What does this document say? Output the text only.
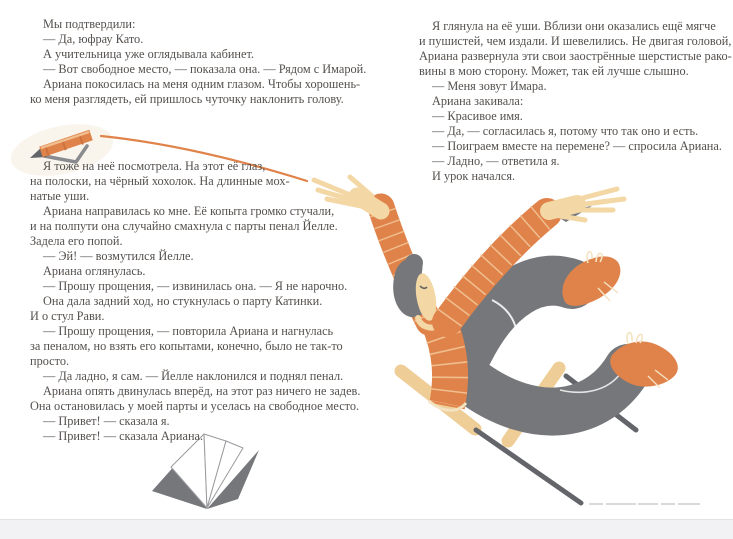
Мы подтвердили:
— Да, юфрау Като.
А учительница уже оглядывала кабинет.
— Вот свободное место, — показала она. — Рядом с Имарой.
Ариана покосилась на меня одним глазом. Чтобы хорошень-
ко меня разглядеть, ей пришлось чуточку наклонить голову.
Я тоже на неё посмотрела. На этот её глаз,
на полоски, на чёрный хохолок. На длинные мох-
натые уши.
Ариана направилась ко мне. Её копыта громко стучали,
и на полпути она случайно смахнула с парты пенал Йелле.
Задела его попой.
— Эй! — возмутился Йелле.
Ариана оглянулась.
— Прошу прощения, — извинилась она. — Я не нарочно.
Она дала задний ход, но стукнулась о парту Катинки.
И о стул Рави.
— Прошу прощения, — повторила Ариана и нагнулась
за пеналом, но взять его копытами, конечно, было не так-то
просто.
— Да ладно, я сам. — Йелле наклонился и поднял пенал.
Ариана опять двинулась вперёд, на этот раз ничего не задев.
Она остановилась у моей парты и уселась на свободное место.
— Привет! — сказала я.
— Привет! — сказала Ариана.
Я глянула на её уши. Вблизи они оказались ещё мягче
и пушистей, чем издали. И шевелились. Не двигая головой,
Ариана развернула эти свои заострённые шерстистые рако-
вины в мою сторону. Может, так ей лучше слышно.
— Меня зовут Имара.
Ариана закивала:
— Красивое имя.
— Да, — согласилась я, потому что так оно и есть.
— Поиграем вместе на перемене? — спросила Ариана.
— Ладно, — ответила я.
И урок начался.
